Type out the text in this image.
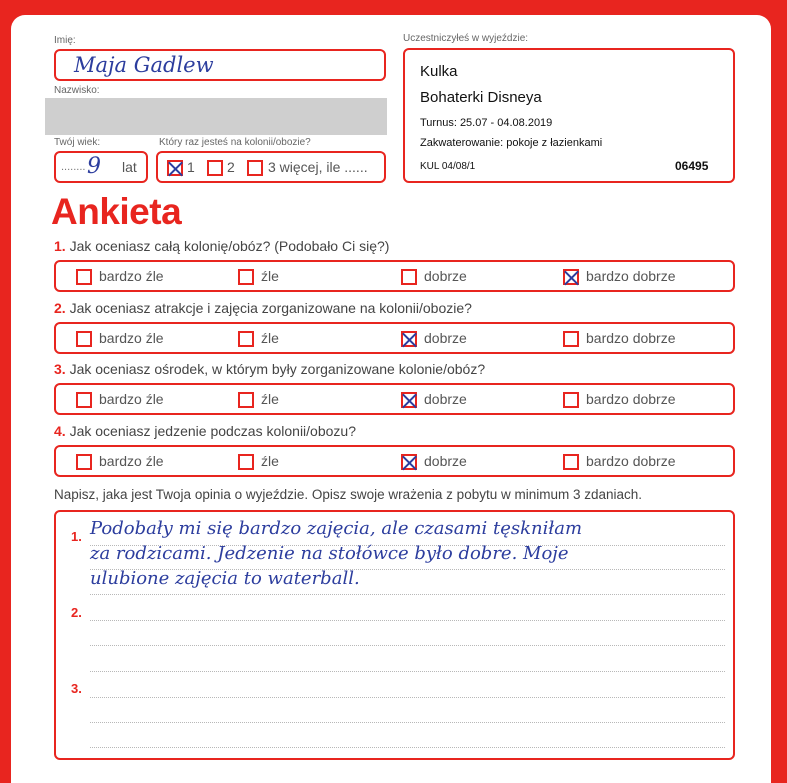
Imię:
Maja Gadlew
Nazwisko:
Twój wiek:	Który raz jesteś na kolonii/obozie?
........ 9 lat	1 2 3 więcej, ile ......
Uczestniczyłeś w wyjeździe:
Kulka
Bohaterki Disneya
Turnus: 25.07 - 04.08.2019
Zakwaterowanie: pokoje z łazienkami
KUL 04/08/1	06495
Ankieta
1. Jak oceniasz całą kolonię/obóz? (Podobało Ci się?)
bardzo źle	źle	dobrze	bardzo dobrze
2. Jak oceniasz atrakcje i zajęcia zorganizowane na kolonii/obozie?
bardzo źle	źle	dobrze	bardzo dobrze
3. Jak oceniasz ośrodek, w którym były zorganizowane kolonie/obóz?
bardzo źle	źle	dobrze	bardzo dobrze
4. Jak oceniasz jedzenie podczas kolonii/obozu?
bardzo źle	źle	dobrze	bardzo dobrze
Napisz, jaka jest Twoja opinia o wyjeździe. Opisz swoje wrażenia z pobytu w minimum 3 zdaniach.
1.
2.
3.
Podobały mi się bardzo zajęcia, ale czasami tęskniłam
za rodzicami. Jedzenie na stołówce było dobre. Moje
ulubione zajęcia to waterball.
